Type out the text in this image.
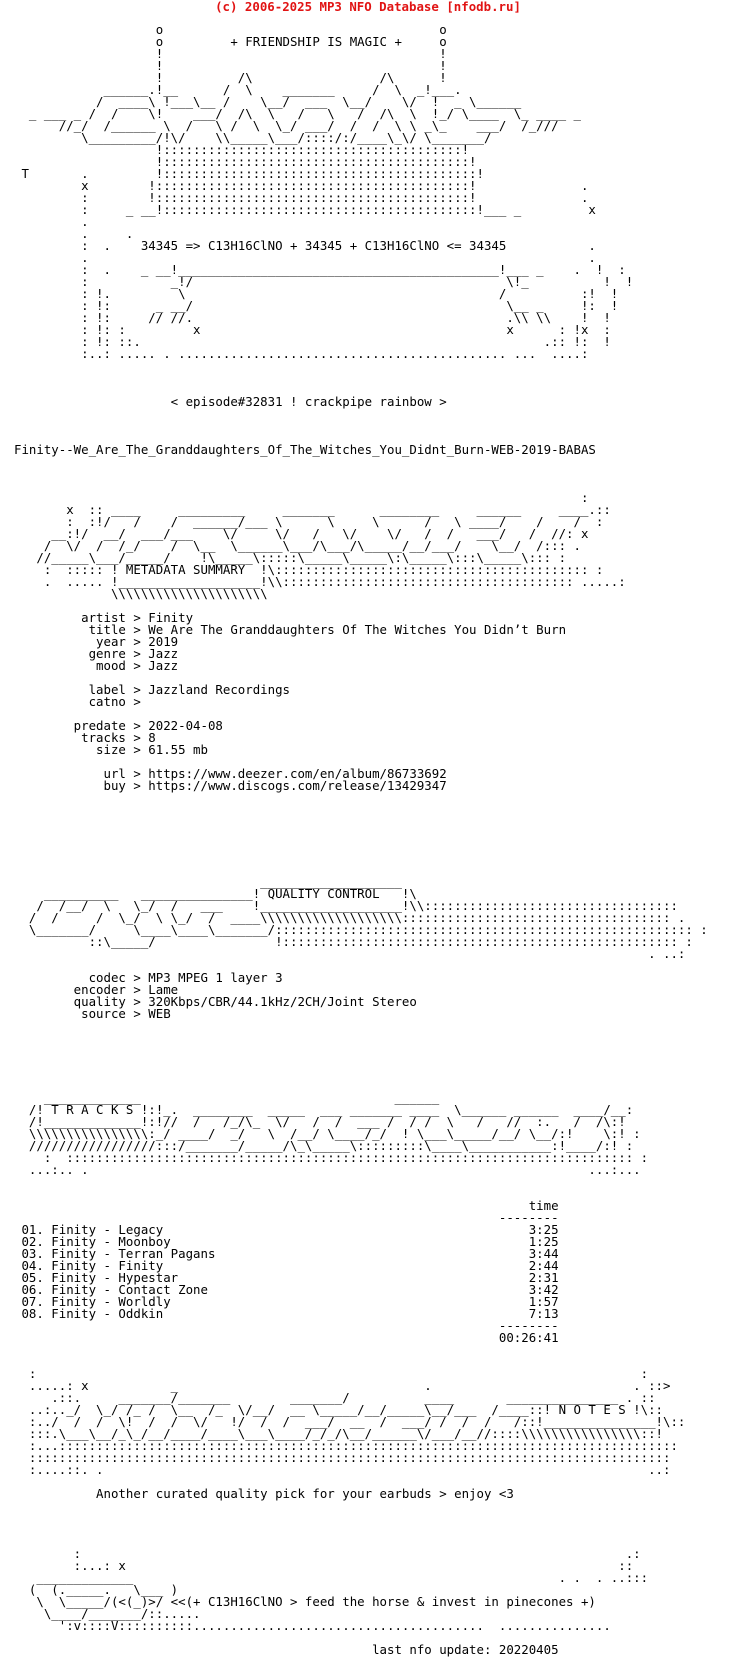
(c) 2006-2025 MP3 NFO Database [nfodb.ru]
o                                     o
o         + FRIENDSHIP IS MAGIC +     o
!                                     !
!                                     !
!          /\                 /\      !
______.!__      /  \    _______     /  \  _!___.
/  ____\ !___\__ /    \__/  ___  \__/    \/  !  _ \______
_ ___ _ /  /    \!    ___/  /\  \   /   \   /  /\  \  !_/ \____  \_ ____ _
//_/  /______ \  /   \ /  \  \_/ ___/  /  /  \ \ _\_    ___/  /_///
\_________/!\/    \\_____\___/::::/:/____\_\/ \_______/
!::::::::::::::::::::::::::::::::::::::::!
!:::::::::::::::::::::::::::::::::::::::::!
T       .         !::::::::::::::::::::::::::::::::::::::::::!
x        !::::::::::::::::::::::::::::::::::::::::::!              .
:        !::::::::::::::::::::::::::::::::::::::::::!              .
:     _ __!::::::::::::::::::::::::::::::::::::::::::!___ _         x
.
.     .
:  .    34345 => C13H16ClNO + 34345 + C13H16ClNO <= 34345           .
.                                                                   .
:  .    _ __!___________________________________________!___ _    .  !  :
:           _!/                                          \!_          !  !
: !.         \                                          /          :!  !
: !:      _ __/                                          \__ _     !:  !
: !:     // //.                                          .\\ \\    !  !
: !: :         x                                         x      : !x  :
: !: ::.                                                      .:: !:  !
:..: ..... . ............................................ ...  ....:
< episode#32831 ! crackpipe rainbow >
Finity--We_Are_The_Granddaughters_Of_The_Witches_You_Didnt_Burn-WEB-2019-BABAS
:
x  :: ____     _________     _______      ________     ______     ____.::
:  :!/   /    /  ______/___ \      \     \      /   \ ____/    /    /  :
__:!/  __/  ___/___    \/     \/   /   \/    \/   /  /   ___/   /  //: x
/  \/  /  /_/    /  \__  \______\___/\___/\_____/__/___/    \__/  /::: .
//_____\___/_____/    !\_____\:::::\_____\_____\:\_____\:::\_____\::: :
:  ::::: ! METADATA SUMMARY  !\:::::::::::::::::::::::::::::::::::::::::: :
.  ..... !___________________!\\::::::::::::::::::::::::::::::::::::::: .....:
\\\\\\\\\\\\\\\\\\\\\
artist > Finity
title > We Are The Granddaughters Of The Witches You Didn’t Burn
year > 2019
genre > Jazz
mood > Jazz
label > Jazzland Recordings
catno >
predate > 2022-04-08
tracks > 8
size > 61.55 mb
url > https://www.deezer.com/en/album/86733692
buy > https://www.discogs.com/release/13429347
___________________
__________   _______________! QUALITY CONTROL   !\
/  /__/  \   \_/  /   ___    !___________________!\\::::::::::::::::::::::::::::::::::
/  /     /  \_/  \ \_/  /  ____\\\\\\\\\\\\\\\\\\\:::::::::::::::::::::::::::::::::::: .
\_______/     \____\____\_______/:::::::::::::::::::::::::::::::::::::::::::::::::::::::: :
::\_____/                !::::::::::::::::::::::::::::::::::::::::::::::::::::: :
. ..:
codec > MP3 MPEG 1 layer 3
encoder > Lame
quality > 320Kbps/CBR/44.1kHz/2CH/Joint Stereo
source > WEB
_____________                                  ______
/! T R A C K S !:!_.  ________  _____  ___ _______ ____  \______ ______  ____/__:
/!_____________!:!//  /   /_/\_  \/   /  /  ___ /  / /  \   /   //  :.   /  /\:!
\\\\\\\\\\\\\\\\:_/ ____/  _/   \  /__/ \____/_/  ! \___\_____/__/ \__/:!    \:! :
/////////////////:::/_______/_____/\_\_____\:::::::::\____\___________:!____/:! :
:  :::::::::::::::::::::::::::::::::::::::::::::::::::::::::::::::::::::::::::: :
...:.. .                                                                   ...:...
time
--------
01. Finity - Legacy                                                 3:25
02. Finity - Moonboy                                                1:25
03. Finity - Terran Pagans                                          3:44
04. Finity - Finity                                                 2:44
05. Finity - Hypestar                                               2:31
06. Finity - Contact Zone                                           3:42
07. Finity - Worldly                                                1:57
08. Finity - Oddkin                                                 7:13
--------
00:26:41
:                                                                                 :
.....: x           _                                 .                           . ::>
.::.     _______/_______        _______/          ____       _______________ . ::
..:.._/  \_/ /_ /  \__  /_  \/__/  __ \_____/__/_____\__/___  /____::! N O T E S !\::
:../  /  /  \!  /  /  \/   !/  /  /  ___/  __  /  ___/ /  /  /   /::!_______________!\::
:::.\___\__/_\_/__/____/____\___\____/_/_/\__/______\/___/__//::::\\\\\\\\\\\\\\\\::!
:...:::::::::::::::::::::::::::::::::::::::::::::::::::::::::::::::::::::::::::::::::::
::::::::::::::::::::::::::::::::::::::::::::::::::::::::::::::::::::::::::::::::::::::
:....::. .                                                                         ..:
Another curated quality pick for your earbuds > enjoy <3
:                                                                         .:
:...: x                                                                  ::
_____________                                                         . .  . ..:::
(  (._____.   \___ )
\  \_____/(<(_)>/ <<(+ C13H16ClNO > feed the horse & invest in pinecones +)
\____/_______/::.....
':v::::V::::::::::.......................................  ...............
last nfo update: 20220405
